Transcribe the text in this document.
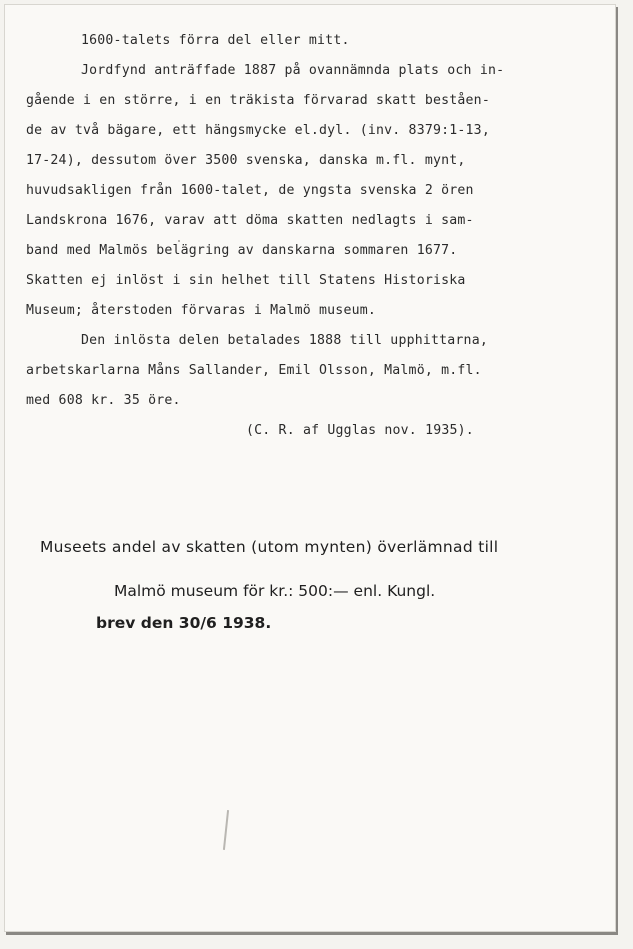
1600-talets förra del eller mitt.
Jordfynd anträffade 1887 på ovannämnda plats och in-
gående i en större, i en träkista förvarad skatt beståen-
de av två bägare, ett hängsmycke el.dyl. (inv. 8379:1-13,
17-24), dessutom över 3500 svenska, danska m.fl. mynt,
huvudsakligen från 1600-talet, de yngsta svenska 2 ören
Landskrona 1676, varav att döma skatten nedlagts i sam-
band med Malmös belägring av danskarna sommaren 1677.
Skatten ej inlöst i sin helhet till Statens Historiska
Museum; återstoden förvaras i Malmö museum.
Den inlösta delen betalades 1888 till upphittarna,
arbetskarlarna Måns Sallander, Emil Olsson, Malmö, m.fl.
med 608 kr. 35 öre.
(C. R. af Ugglas nov. 1935).
Museets andel av skatten (utom mynten) överlämnad till
Malmö museum för kr.: 500:— enl. Kungl.
brev den 30/6 1938.
